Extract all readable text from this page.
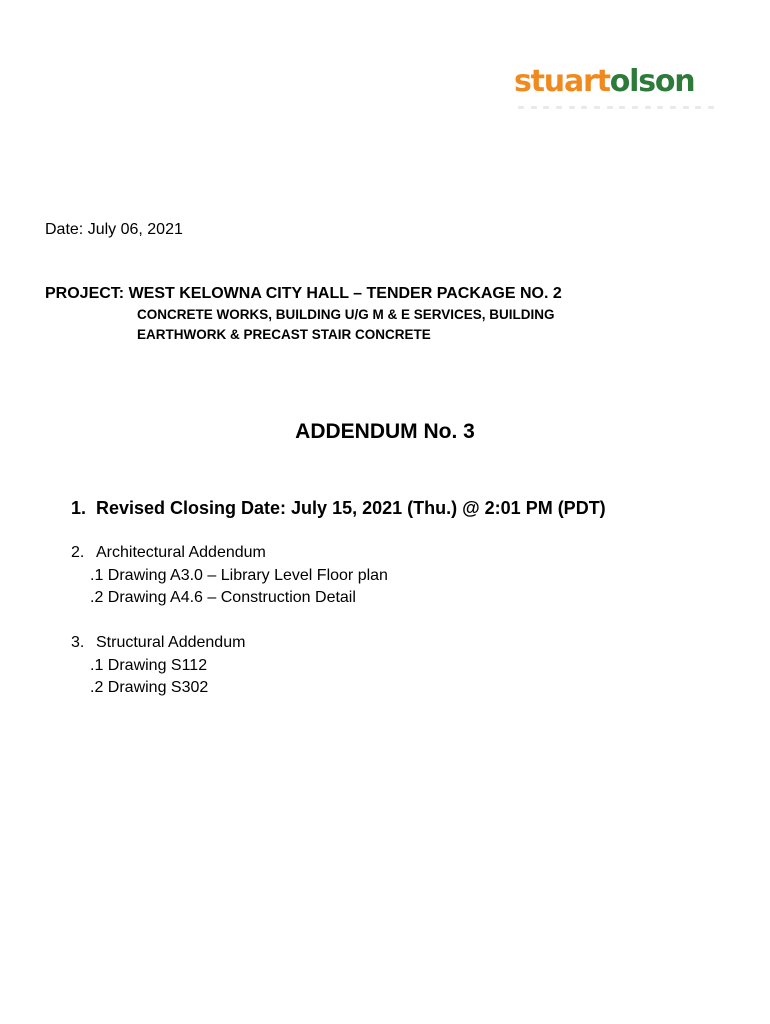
stuartolson
Date: July 06, 2021
PROJECT: WEST KELOWNA CITY HALL – TENDER PACKAGE NO. 2
CONCRETE WORKS, BUILDING U/G M & E SERVICES, BUILDING
EARTHWORK & PRECAST STAIR CONCRETE
ADDENDUM No. 3
1. Revised Closing Date: July 15, 2021 (Thu.) @ 2:01 PM (PDT)
2. Architectural Addendum
.1 Drawing A3.0 – Library Level Floor plan
.2 Drawing A4.6 – Construction Detail
3. Structural Addendum
.1 Drawing S112
.2 Drawing S302
